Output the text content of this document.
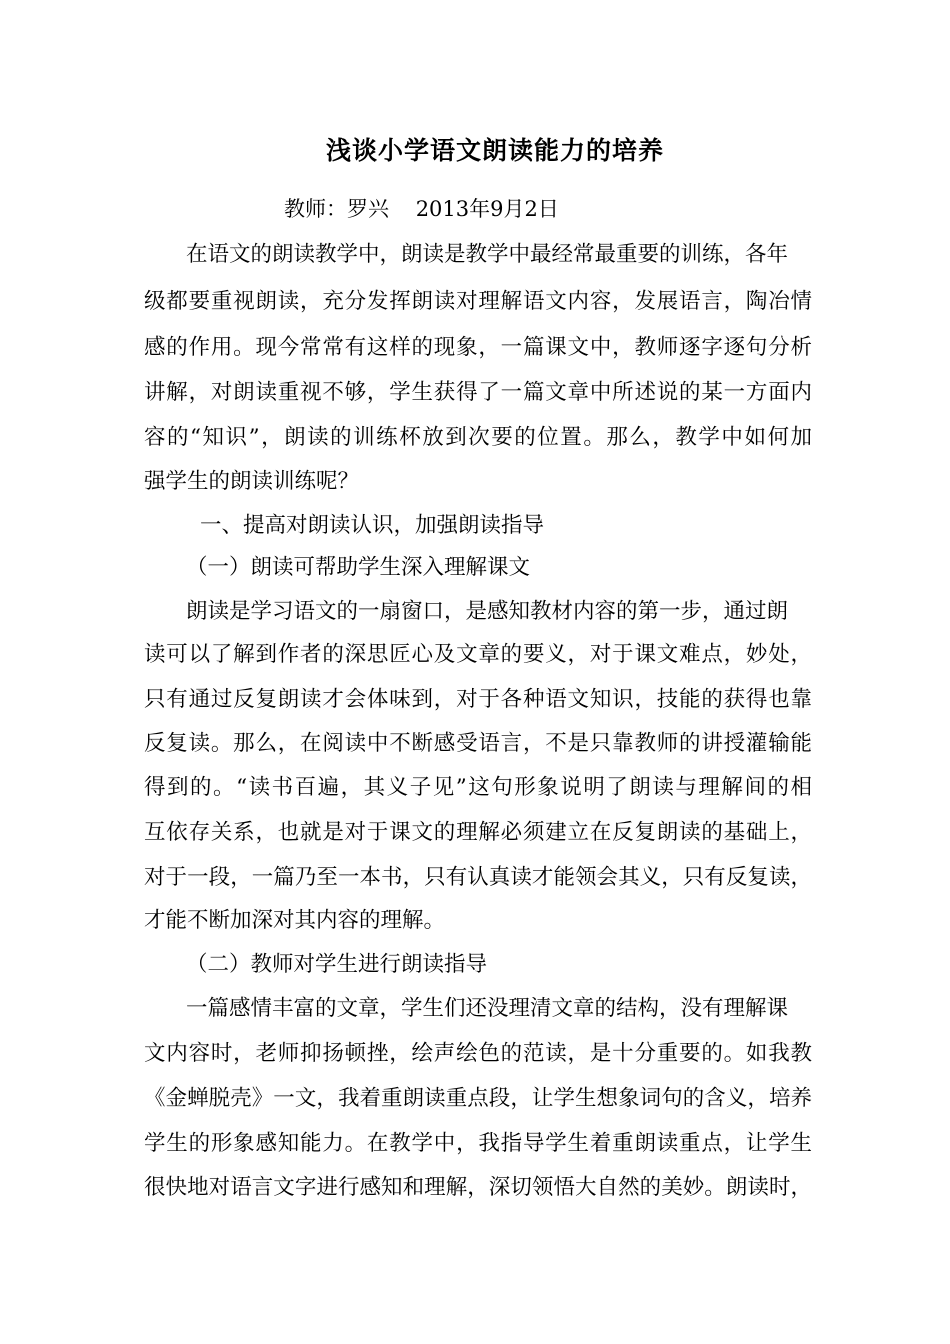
浅谈小学语文朗读能力的培养
教师：罗兴    2013年9月2日
在语文的朗读教学中，朗读是教学中最经常最重要的训练，各年
级都要重视朗读，充分发挥朗读对理解语文内容，发展语言，陶冶情
感的作用。现今常常有这样的现象，一篇课文中，教师逐字逐句分析
讲解，对朗读重视不够，学生获得了一篇文章中所述说的某一方面内
容的“知识”，朗读的训练杯放到次要的位置。那么，教学中如何加
强学生的朗读训练呢？
一、提高对朗读认识，加强朗读指导
（一）朗读可帮助学生深入理解课文
朗读是学习语文的一扇窗口，是感知教材内容的第一步，通过朗
读可以了解到作者的深思匠心及文章的要义，对于课文难点，妙处，
只有通过反复朗读才会体味到，对于各种语文知识，技能的获得也靠
反复读。那么，在阅读中不断感受语言，不是只靠教师的讲授灌输能
得到的。“读书百遍，其义子见”这句形象说明了朗读与理解间的相
互依存关系，也就是对于课文的理解必须建立在反复朗读的基础上，
对于一段，一篇乃至一本书，只有认真读才能领会其义，只有反复读，
才能不断加深对其内容的理解。
（二）教师对学生进行朗读指导
一篇感情丰富的文章，学生们还没理清文章的结构，没有理解课
文内容时，老师抑扬顿挫，绘声绘色的范读，是十分重要的。如我教
《金蝉脱壳》一文，我着重朗读重点段，让学生想象词句的含义，培养
学生的形象感知能力。在教学中，我指导学生着重朗读重点，让学生
很快地对语言文字进行感知和理解，深切领悟大自然的美妙。朗读时，
